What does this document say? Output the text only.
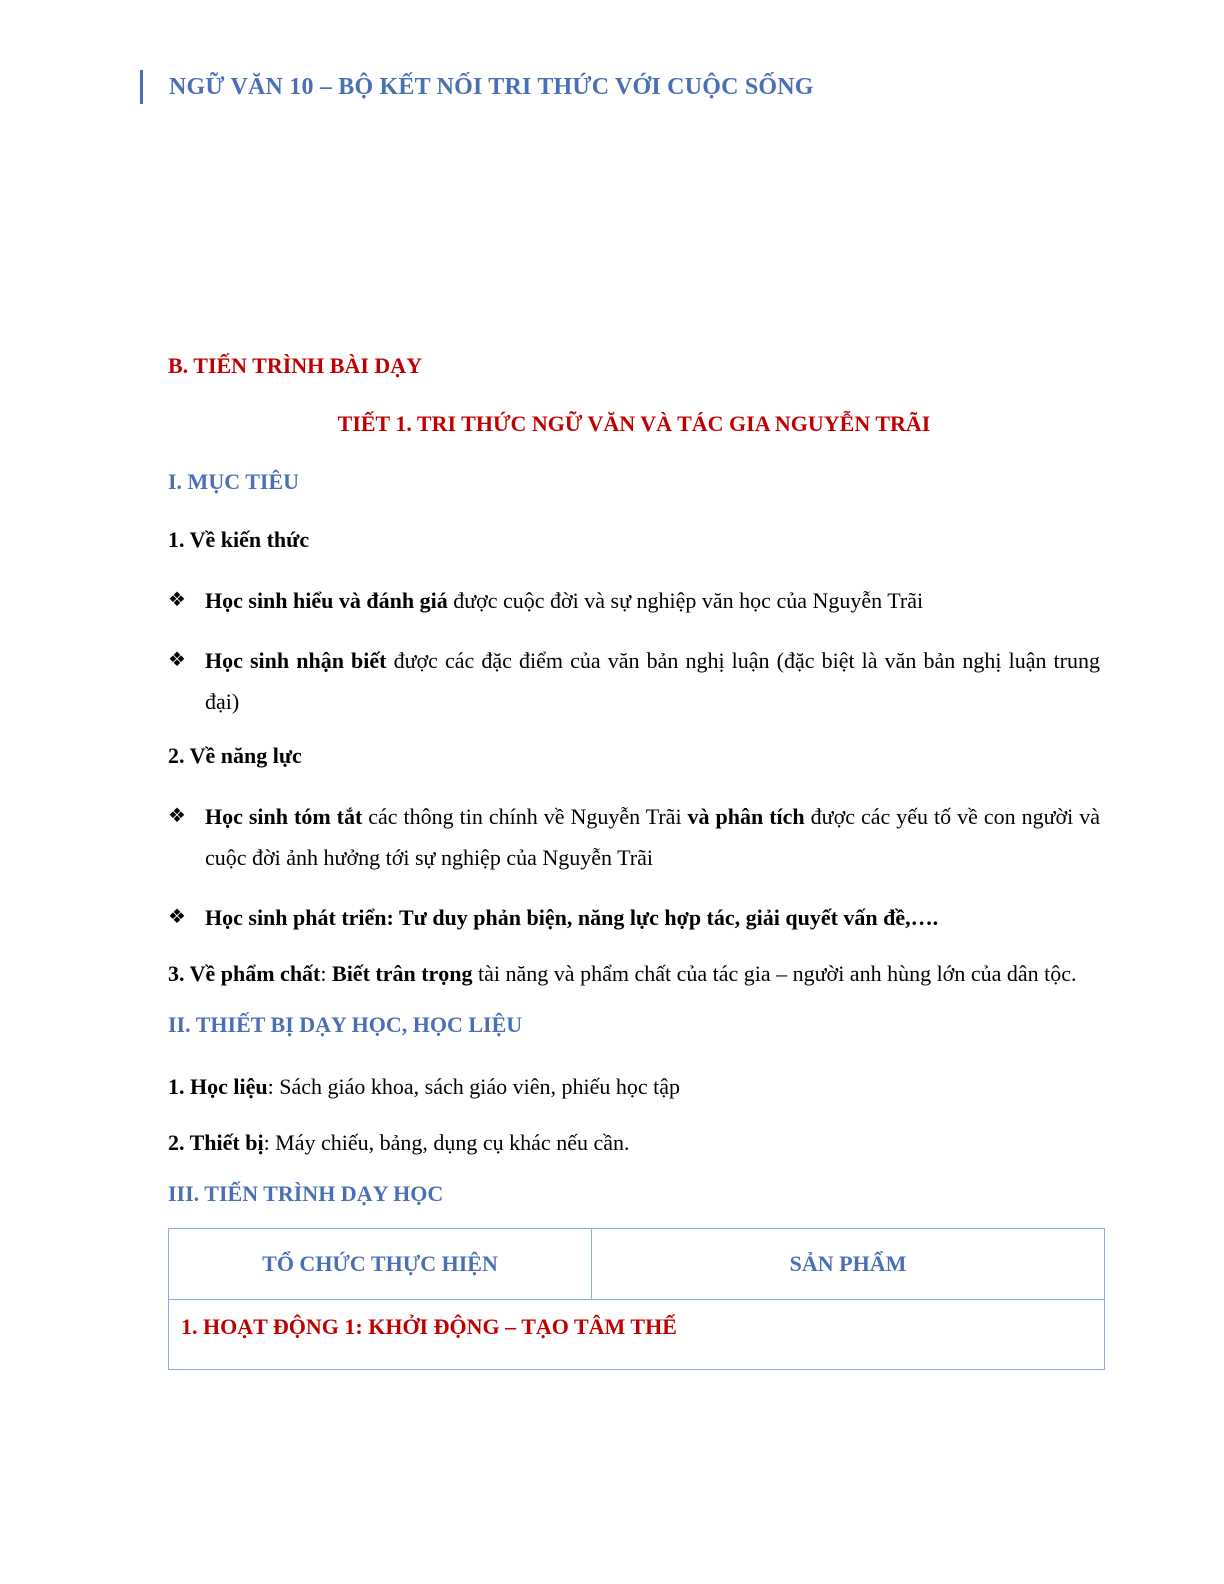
NGỮ VĂN 10 – BỘ KẾT NỐI TRI THỨC VỚI CUỘC SỐNG
B. TIẾN TRÌNH BÀI DẠY
TIẾT 1. TRI THỨC NGỮ VĂN VÀ TÁC GIA NGUYỄN TRÃI
I. MỤC TIÊU
1. Về kiến thức
❖ Học sinh hiểu và đánh giá được cuộc đời và sự nghiệp văn học của Nguyễn Trãi
❖ Học sinh nhận biết được các đặc điểm của văn bản nghị luận (đặc biệt là văn bản nghị luận trung đại)
2. Về năng lực
❖ Học sinh tóm tắt các thông tin chính về Nguyễn Trãi và phân tích được các yếu tố về con người và cuộc đời ảnh hưởng tới sự nghiệp của Nguyễn Trãi
❖ Học sinh phát triển: Tư duy phản biện, năng lực hợp tác, giải quyết vấn đề,….
3. Về phẩm chất: Biết trân trọng tài năng và phẩm chất của tác gia – người anh hùng lớn của dân tộc.
II. THIẾT BỊ DẠY HỌC, HỌC LIỆU
1. Học liệu: Sách giáo khoa, sách giáo viên, phiếu học tập
2. Thiết bị: Máy chiếu, bảng, dụng cụ khác nếu cần.
III. TIẾN TRÌNH DẠY HỌC
TỔ CHỨC THỰC HIỆN	SẢN PHẨM
1. HOẠT ĐỘNG 1: KHỞI ĐỘNG – TẠO TÂM THẾ
